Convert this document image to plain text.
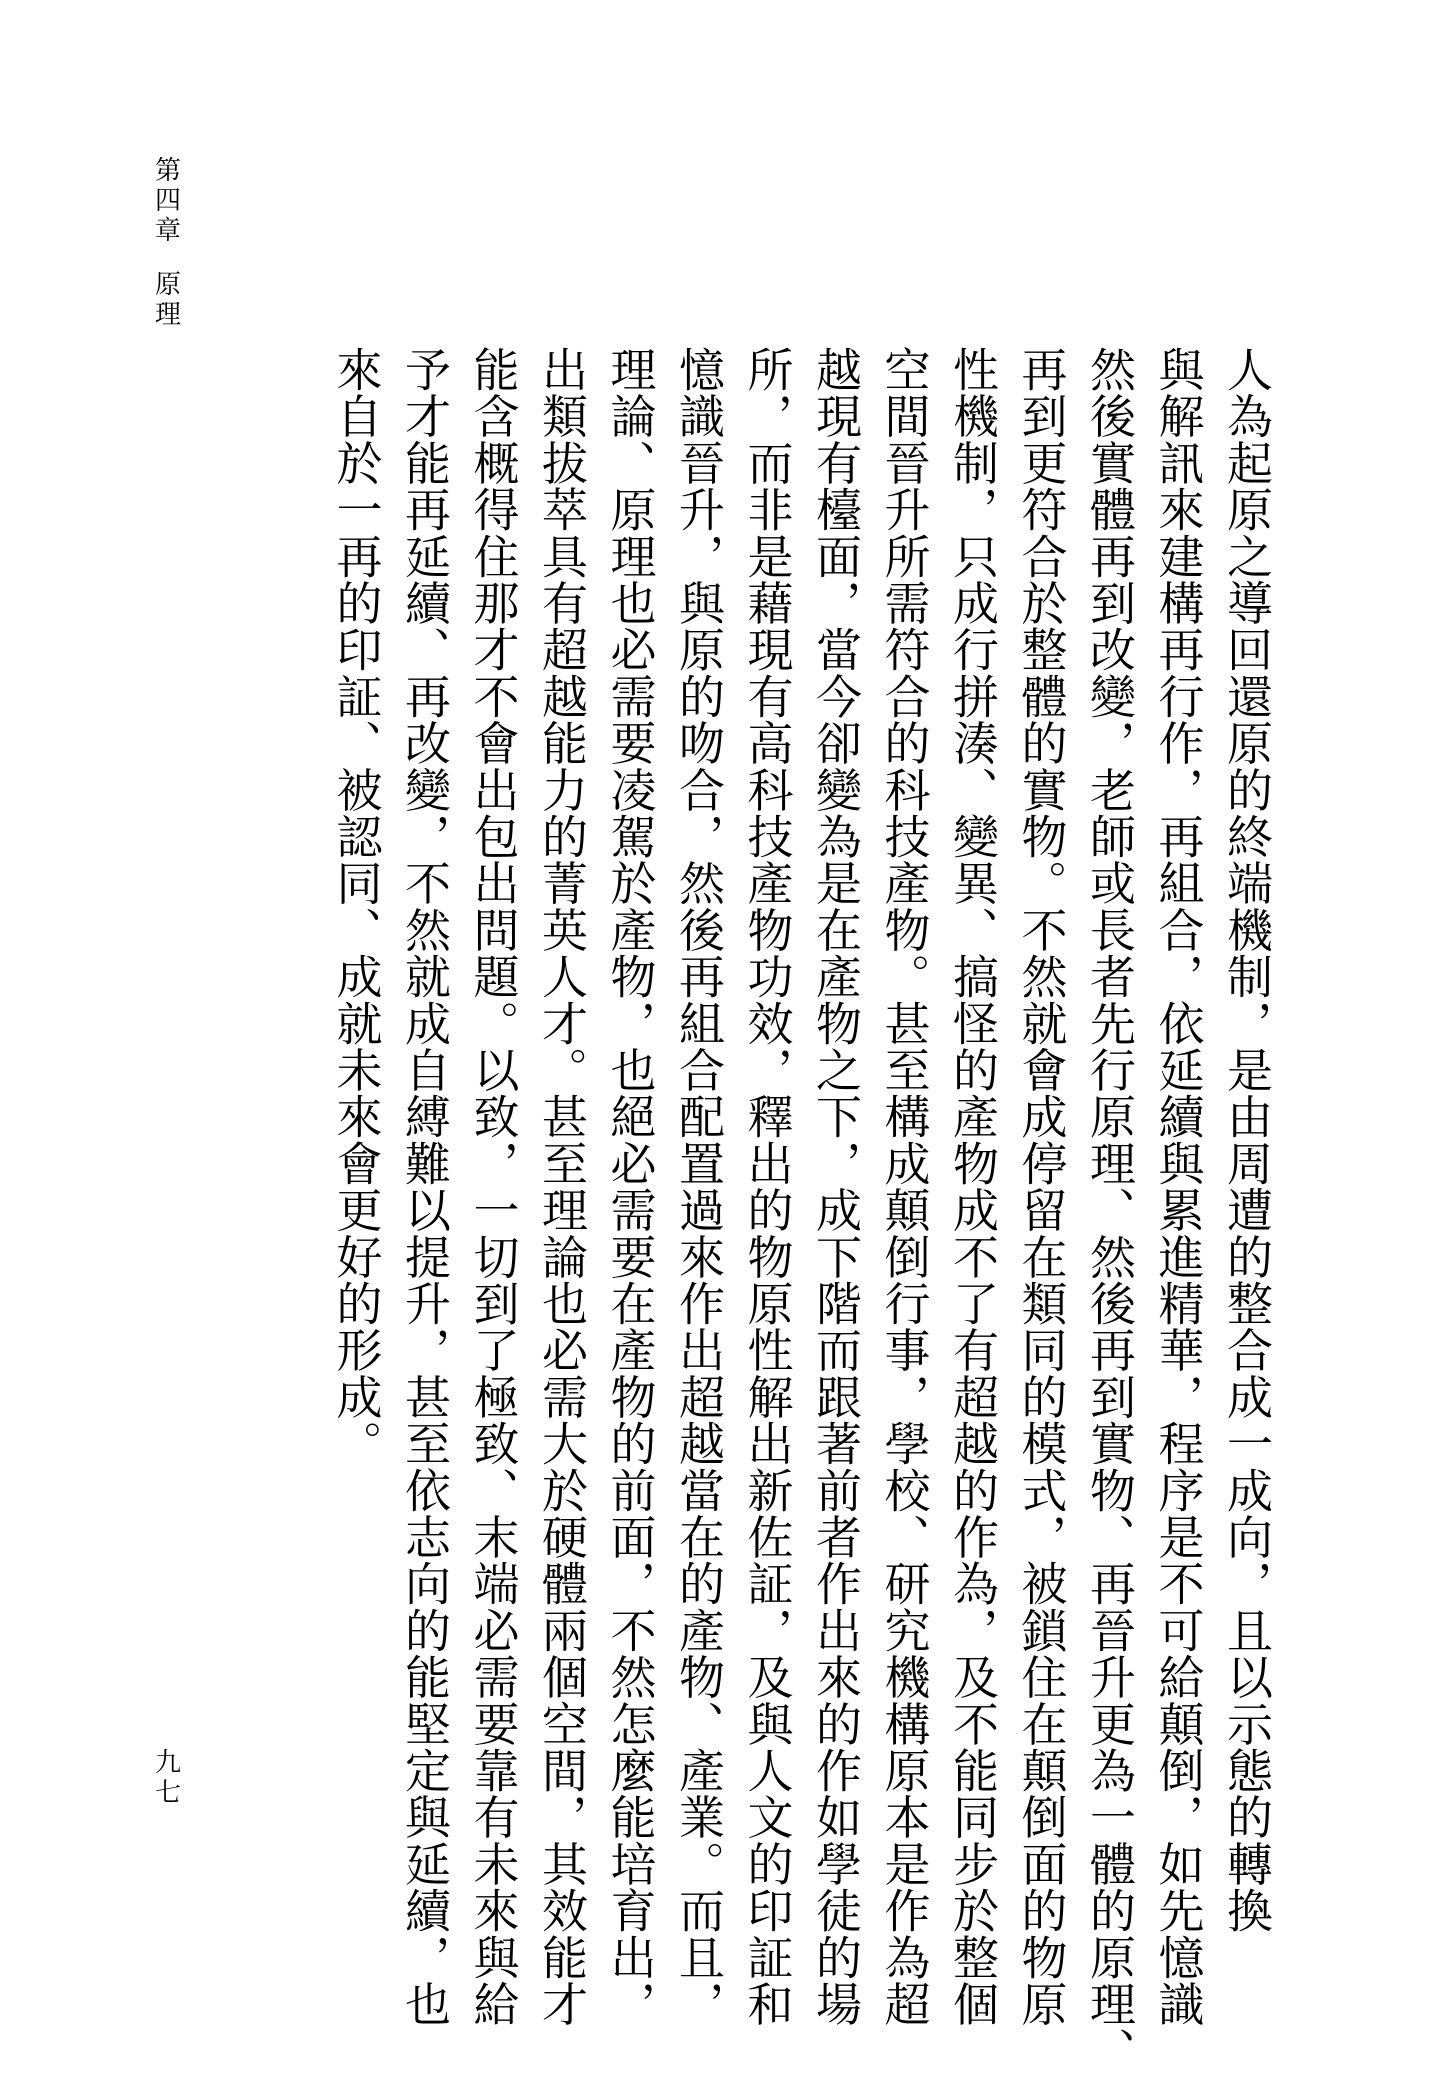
第
四
章
原
理
九
七	人為起原之導回還原的終端機制，是由周遭的整合成一成向，且以示態的轉換
與解訊來建構再行作，再組合，依延續與累進精華，程序是不可給顛倒，如先憶識
然後實體再到改變，老師或長者先行原理、然後再到實物、再晉升更為一體的原理、
再到更符合於整體的實物。不然就會成停留在類同的模式，被鎖住在顛倒面的物原
性機制，只成行拼湊、變異、搞怪的產物成不了有超越的作為，及不能同步於整個
空間晉升所需符合的科技產物。甚至構成顛倒行事，學校、研究機構原本是作為超
越現有檯面，當今卻變為是在產物之下，成下階而跟著前者作出來的作如學徒的場
所，而非是藉現有高科技產物功效，釋出的物原性解出新佐証，及與人文的印証和
憶識晉升，與原的吻合，然後再組合配置過來作出超越當在的產物、產業。而且，
理論、原理也必需要凌駕於產物，也絕必需要在產物的前面，不然怎麼能培育出，
出類拔萃具有超越能力的菁英人才。甚至理論也必需大於硬體兩個空間，其效能才
能含概得住那才不會出包出問題。以致，一切到了極致、末端必需要靠有未來與給
予才能再延續、再改變，不然就成自縛難以提升，甚至依志向的能堅定與延續，也
來自於一再的印証、被認同、成就未來會更好的形成。
